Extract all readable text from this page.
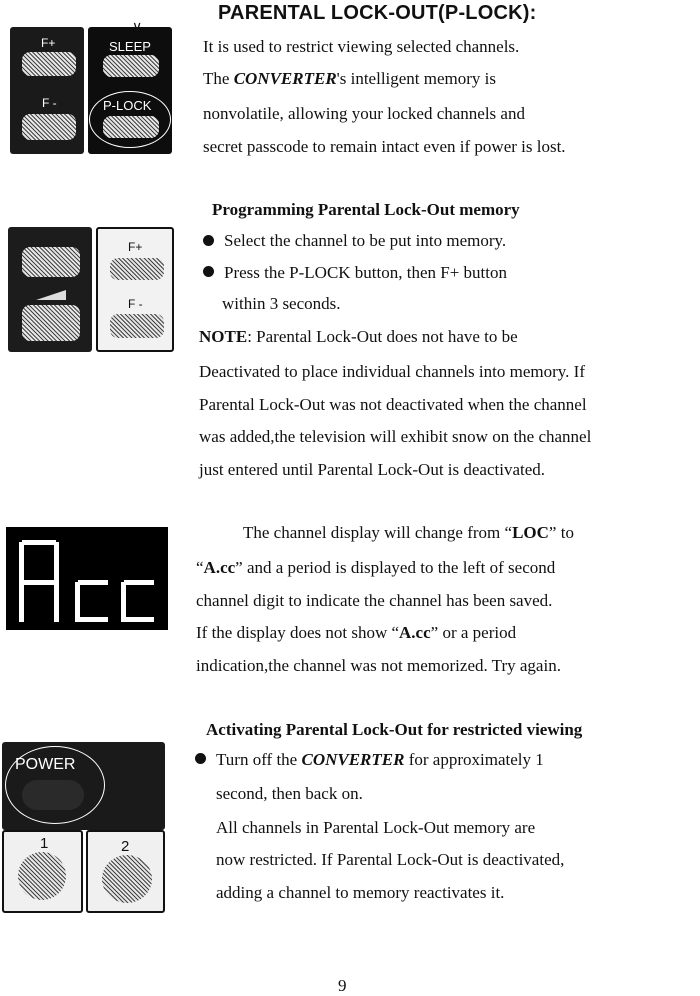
PARENTAL LOCK-OUT(P-LOCK):
F+
F -
∨
SLEEP
P-LOCK
It is used to restrict viewing selected channels.
The CONVERTER's intelligent memory is
nonvolatile, allowing your locked channels and
secret passcode to remain intact even if power is lost.
F+
F -
Programming Parental Lock-Out memory
Select the channel to be put into memory.
Press the P-LOCK button, then F+ button
within 3 seconds.
NOTE: Parental Lock-Out does not have to be
Deactivated to place individual channels into memory. If
Parental Lock-Out was not deactivated when the channel
was added,the television will exhibit snow on the channel
just entered until Parental Lock-Out is deactivated.
The channel display will change from “LOC” to
“A.cc” and a period is displayed to the left of second
channel digit to indicate the channel has been saved.
If the display does not show “A.cc” or a period
indication,the channel was not memorized. Try again.
POWER
1	2
Activating Parental Lock-Out for restricted viewing
Turn off the CONVERTER for approximately 1
second, then back on.
All channels in Parental Lock-Out memory are
now restricted. If Parental Lock-Out is deactivated,
adding a channel to memory reactivates it.
9
